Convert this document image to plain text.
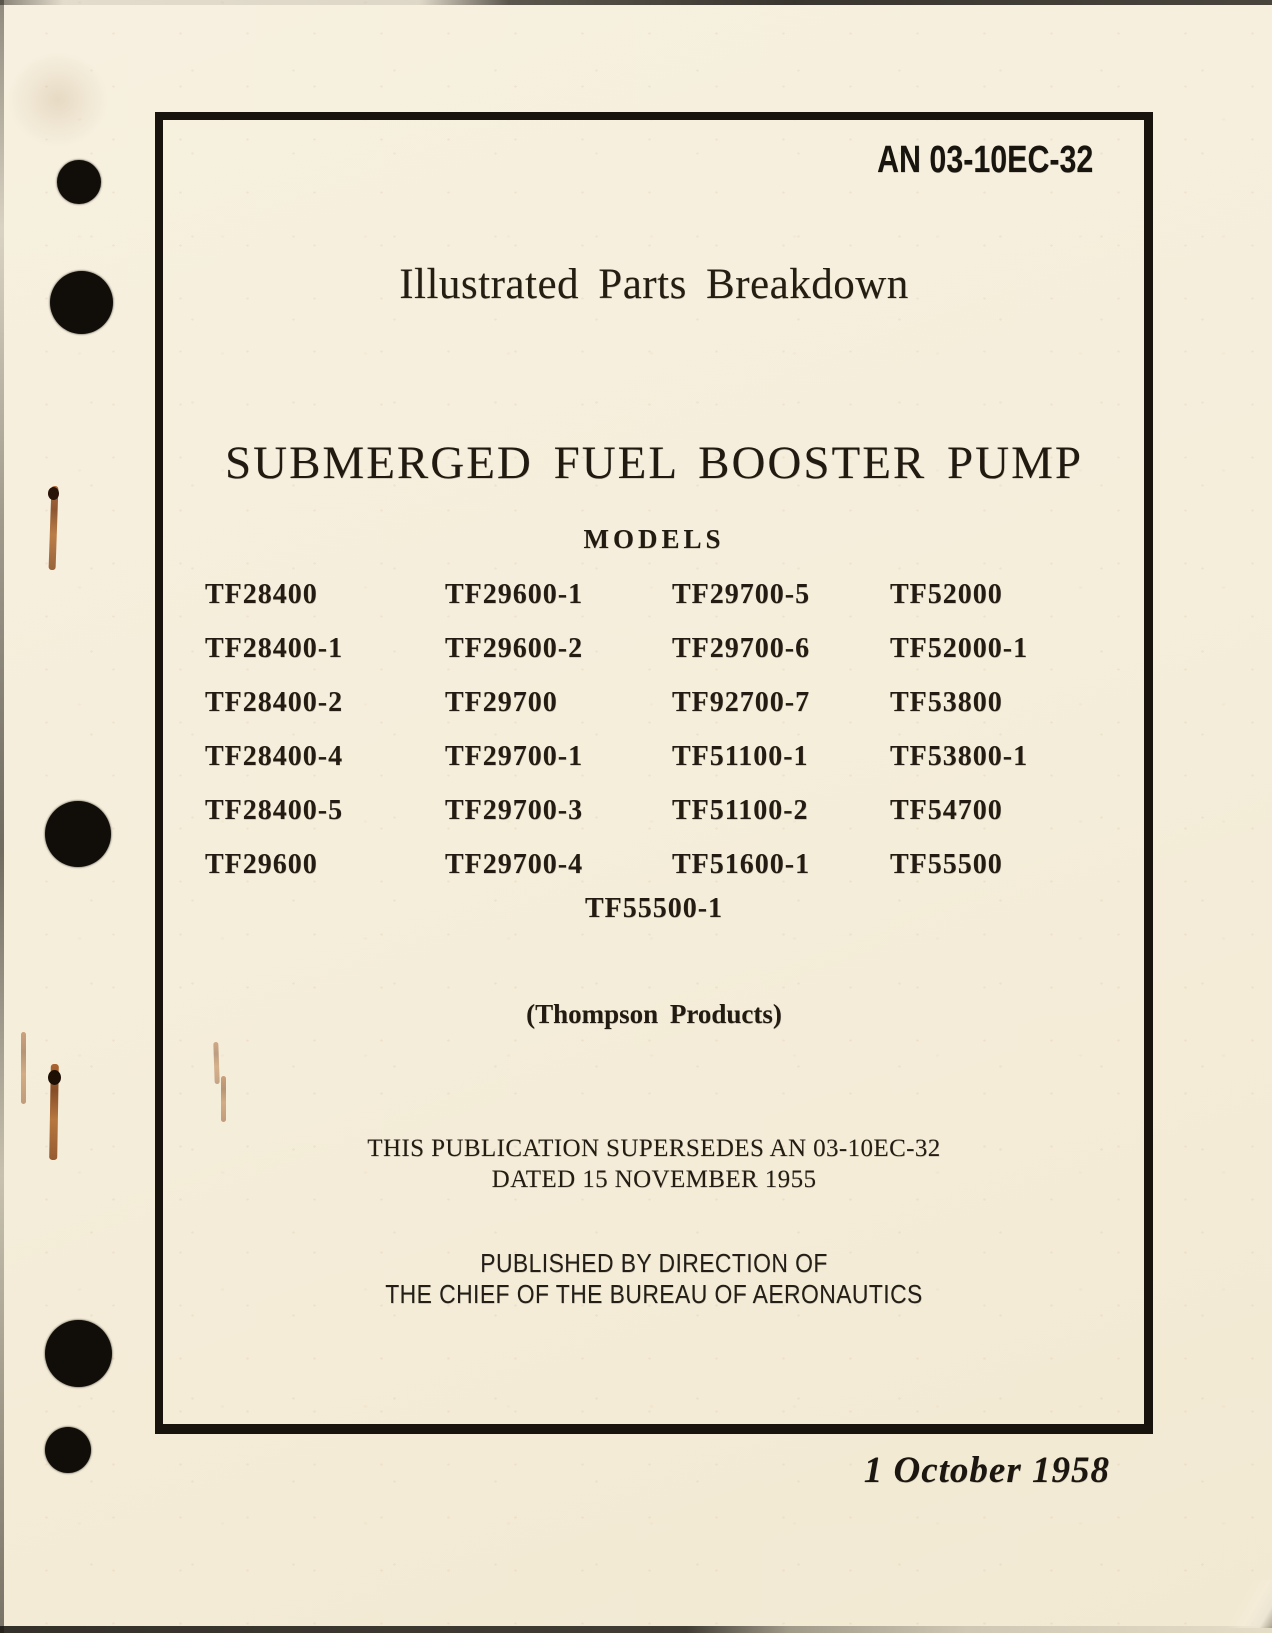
AN 03-10EC-32
Illustrated Parts Breakdown
SUBMERGED FUEL BOOSTER PUMP
MODELS
TF28400	TF29600-1	TF29700-5	TF52000
TF28400-1	TF29600-2	TF29700-6	TF52000-1
TF28400-2	TF29700	TF92700-7	TF53800
TF28400-4	TF29700-1	TF51100-1	TF53800-1
TF28400-5	TF29700-3	TF51100-2	TF54700
TF29600	TF29700-4	TF51600-1	TF55500
TF55500-1
(Thompson Products)
THIS PUBLICATION SUPERSEDES AN 03-10EC-32
DATED 15 NOVEMBER 1955
PUBLISHED BY DIRECTION OF
THE CHIEF OF THE BUREAU OF AERONAUTICS
1 October 1958
